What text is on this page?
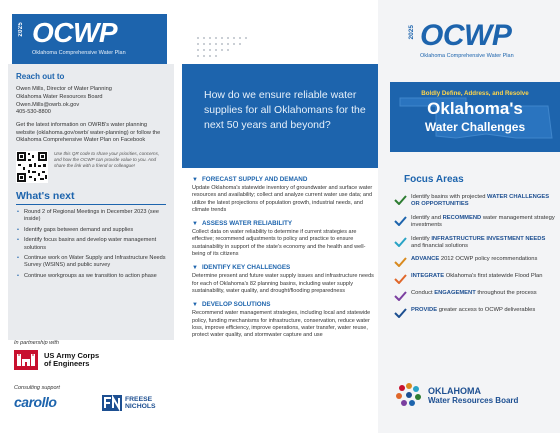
2025 OCWP
Oklahoma Comprehensive Water Plan
Reach out to
Owen Mills, Director of Water Planning
Oklahoma Water Resources Board
Owen.Mills@owrb.ok.gov
405-530-8800
Get the latest information on OWRB's water planning website (oklahoma.gov/owrb/ water-planning) or follow the Oklahoma Comprehensive Water Plan on Facebook
Use this QR code to share your priorities, concerns, and how the OCWP can provide value to you. And share the link with a friend or colleague!
What's next
• Round 2 of Regional Meetings in December 2023 (see inside)
• Identify gaps between demand and supplies
• Identify focus basins and develop water management solutions
• Continue work on Water Supply and Infrastructure Needs Survey (WSINS) and public survey
• Continue workgroups as we transition to action phase
In partnership with
US Army Corps
of Engineers
Consulting support
carollo	FREESE
NICHOLS
How do we ensure reliable water supplies for all Oklahomans for the next 50 years and beyond?
▼ FORECAST SUPPLY AND DEMAND
Update Oklahoma's statewide inventory of groundwater and surface water resources and availability; collect and analyze current water use data; and utilize the latest projections of population growth, industrial needs, and climate trends
▼ ASSESS WATER RELIABILITY
Collect data on water reliability to determine if current strategies are effective; recommend adjustments to policy and practice to ensure sustainability in support of the state's economy and the health and well-being of its citizens
▼ IDENTIFY KEY CHALLENGES
Determine present and future water supply issues and infrastructure needs for each of Oklahoma's 82 planning basins, including water supply sustainability, water quality, and drought/flooding preparedness
▼ DEVELOP SOLUTIONS
Recommend water management strategies, including local and statewide policy, funding mechanisms for infrastructure, conservation, reduce water loss, improve efficiency, improve operations, water transfer, water reuse, protect water quality, and stormwater capture and use
2025 OCWP
Oklahoma Comprehensive Water Plan
Boldly Define, Address, and Resolve
Oklahoma's
Water Challenges
Focus Areas
Identify basins with projected WATER CHALLENGES OR OPPORTUNITIES
Identify and RECOMMEND water management strategy investments
Identify INFRASTRUCTURE INVESTMENT NEEDS and financial solutions
ADVANCE 2012 OCWP policy recommendations
INTEGRATE Oklahoma's first statewide Flood Plan
Conduct ENGAGEMENT throughout the process
PROVIDE greater access to OCWP deliverables
OKLAHOMA
Water Resources Board
